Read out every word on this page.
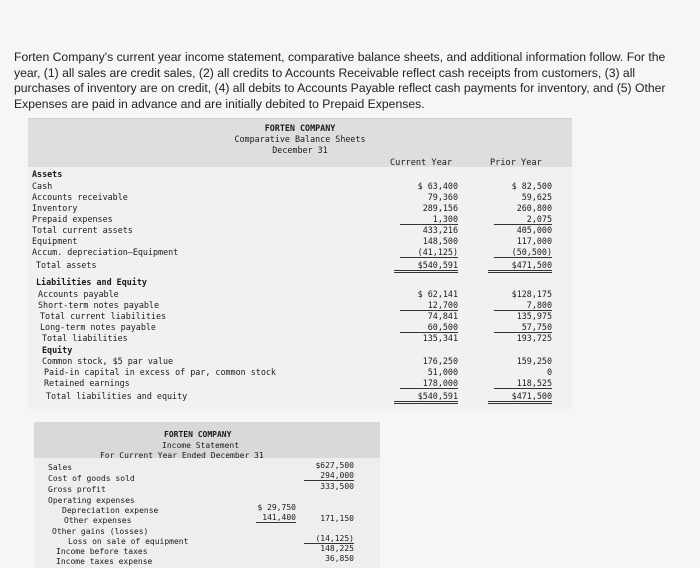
Forten Company's current year income statement, comparative balance sheets, and additional information follow. For the year, (1) all sales are credit sales, (2) all credits to Accounts Receivable reflect cash receipts from customers, (3) all purchases of inventory are on credit, (4) all debits to Accounts Payable reflect cash payments for inventory, and (5) Other Expenses are paid in advance and are initially debited to Prepaid Expenses.
FORTEN COMPANY
Comparative Balance Sheets
December 31
Current Year	Prior Year
Assets
Cash	$ 63,400	$ 82,500
Accounts receivable	79,360	59,625
Inventory	289,156	260,800
Prepaid expenses	1,300	2,075
Total current assets	433,216	405,000
Equipment	148,500	117,000
Accum. depreciation—Equipment	(41,125)	(50,500)
Total assets	$540,591	$471,500
Liabilities and Equity
Accounts payable	$ 62,141	$128,175
Short-term notes payable	12,700	7,800
Total current liabilities	74,841	135,975
Long-term notes payable	60,500	57,750
Total liabilities	135,341	193,725
Equity
Common stock, $5 par value	176,250	159,250
Paid-in capital in excess of par, common stock	51,000	0
Retained earnings	178,000	118,525
Total liabilities and equity	$540,591	$471,500
FORTEN COMPANY
Income Statement
For Current Year Ended December 31
Sales	$627,500
Cost of goods sold	294,000
Gross profit	333,500
Operating expenses
Depreciation expense	$ 29,750
Other expenses	141,400	171,150
Other gains (losses)
Loss on sale of equipment	(14,125)
Income before taxes	148,225
Income taxes expense	36,850
